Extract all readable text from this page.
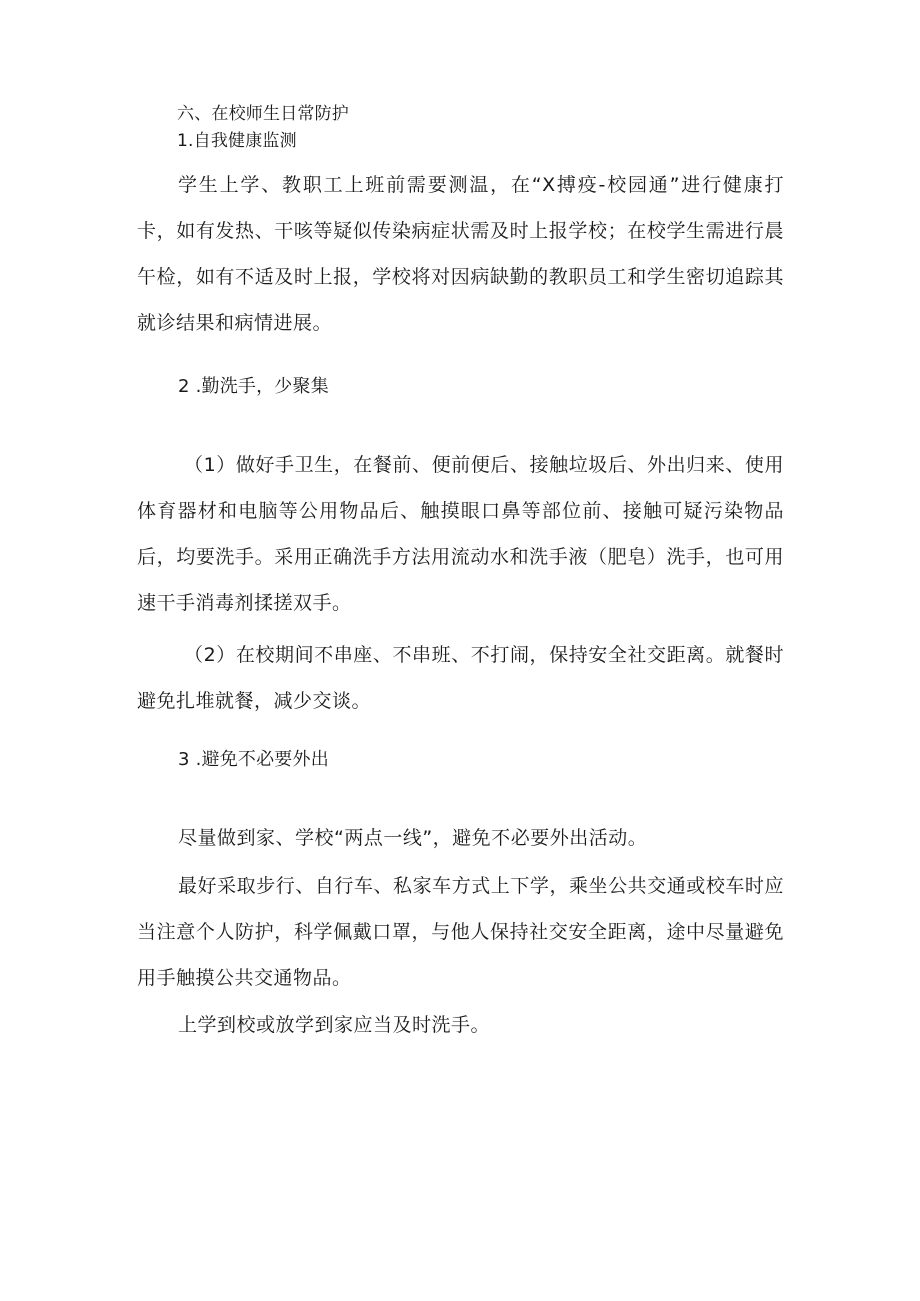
六、在校师生日常防护
1.自我健康监测

学生上学、教职工上班前需要测温，在“X搏疫-校园通”进行健康打卡，如有发热、干咳等疑似传染病症状需及时上报学校；在校学生需进行晨午检，如有不适及时上报，学校将对因病缺勤的教职员工和学生密切追踪其就诊结果和病情进展。

2 .勤洗手，少聚集

（1）做好手卫生，在餐前、便前便后、接触垃圾后、外出归来、使用体育器材和电脑等公用物品后、触摸眼口鼻等部位前、接触可疑污染物品后，均要洗手。采用正确洗手方法用流动水和洗手液（肥皂）洗手，也可用速干手消毒剂揉搓双手。

（2）在校期间不串座、不串班、不打闹，保持安全社交距离。就餐时避免扎堆就餐，减少交谈。

3 .避免不必要外出

尽量做到家、学校“两点一线”，避免不必要外出活动。

最好采取步行、自行车、私家车方式上下学，乘坐公共交通或校车时应当注意个人防护，科学佩戴口罩，与他人保持社交安全距离，途中尽量避免用手触摸公共交通物品。

上学到校或放学到家应当及时洗手。
